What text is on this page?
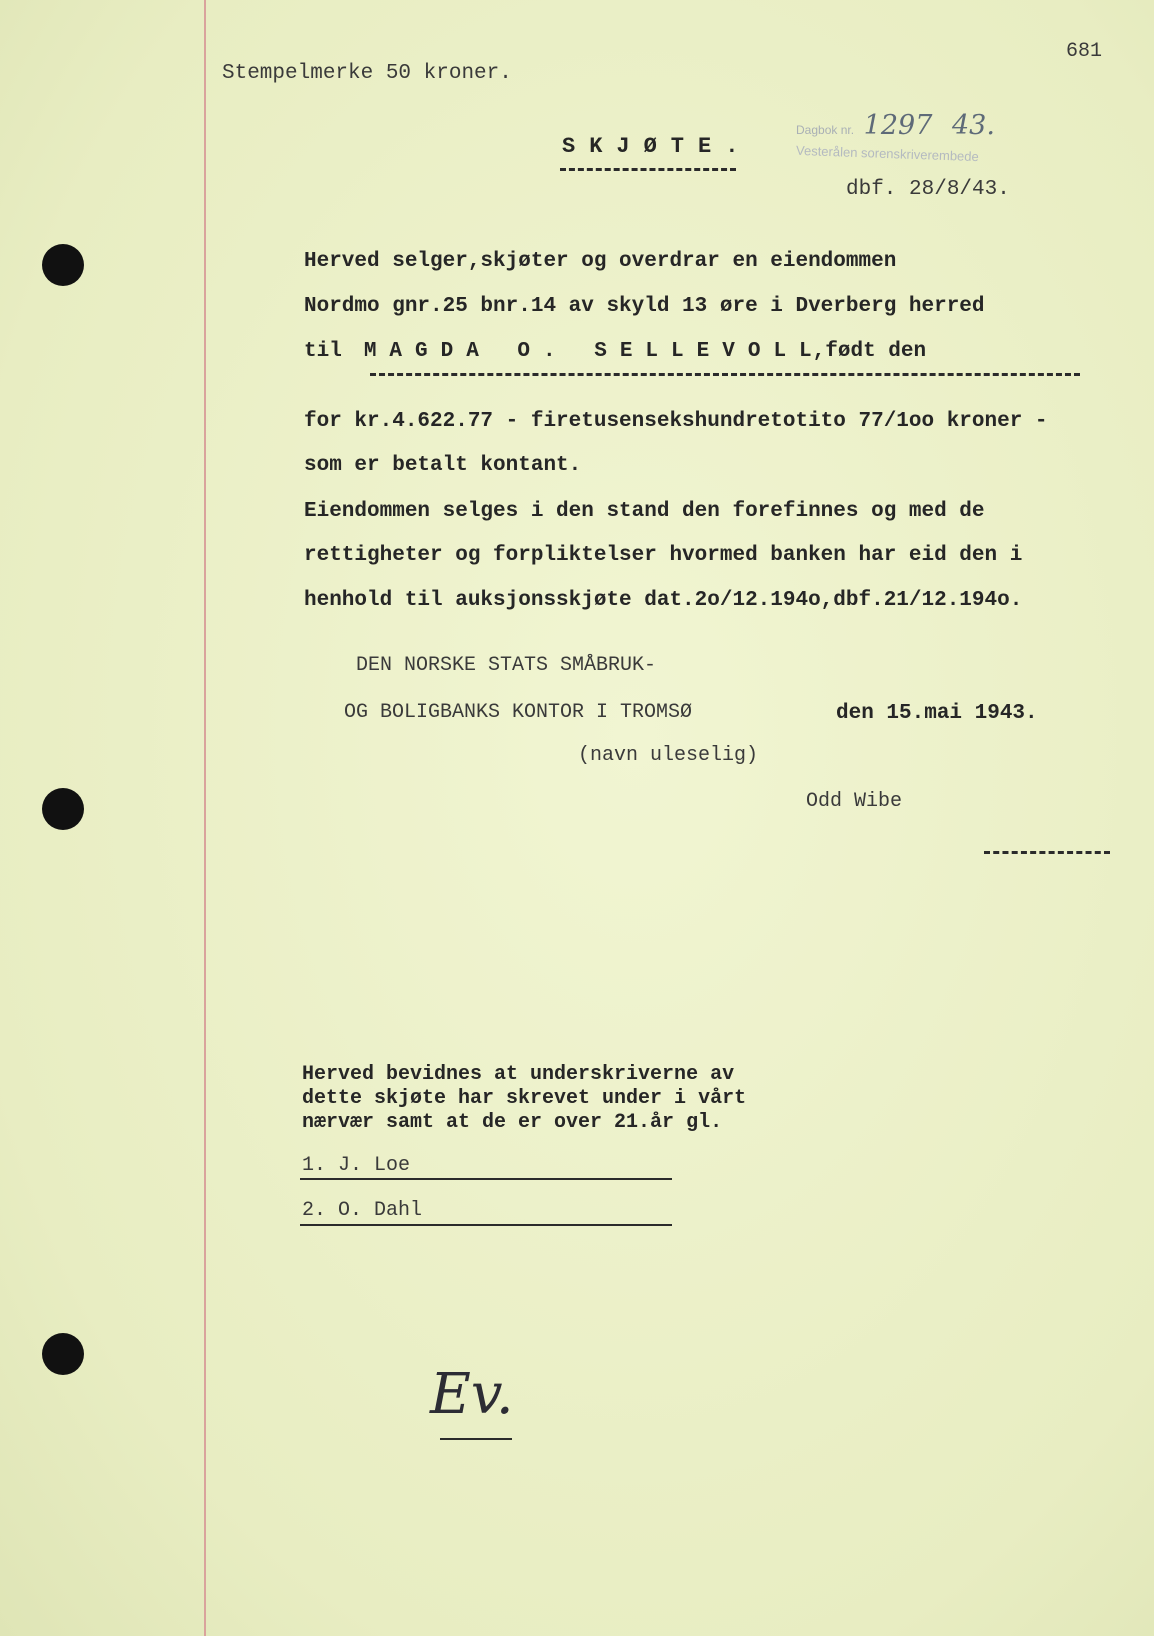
681
Stempelmerke 50 kroner.
Dagbok nr. 1297 43.
Vesterålen sorenskriverembede
SKJØTE.
dbf. 28/8/43.
Herved selger,skjøter og overdrar en eiendommen
Nordmo gnr.25 bnr.14 av skyld 13 øre i Dverberg herred
til MAGDA O. SELLEVOLL,født den
for kr.4.622.77 - firetusensekshundretotito 77/1oo kroner -
som er betalt kontant.
Eiendommen selges i den stand den forefinnes og med de
rettigheter og forpliktelser hvormed banken har eid den i
henhold til auksjonsskjøte dat.2o/12.194o,dbf.21/12.194o.
DEN NORSKE STATS SMÅBRUK-
OG BOLIGBANKS KONTOR I TROMSØ	den 15.mai 1943.
(navn uleselig)
Odd Wibe
Herved bevidnes at underskriverne av
dette skjøte har skrevet under i vårt
nærvær samt at de er over 21.år gl.
1. J. Loe
2. O. Dahl
Ev.
